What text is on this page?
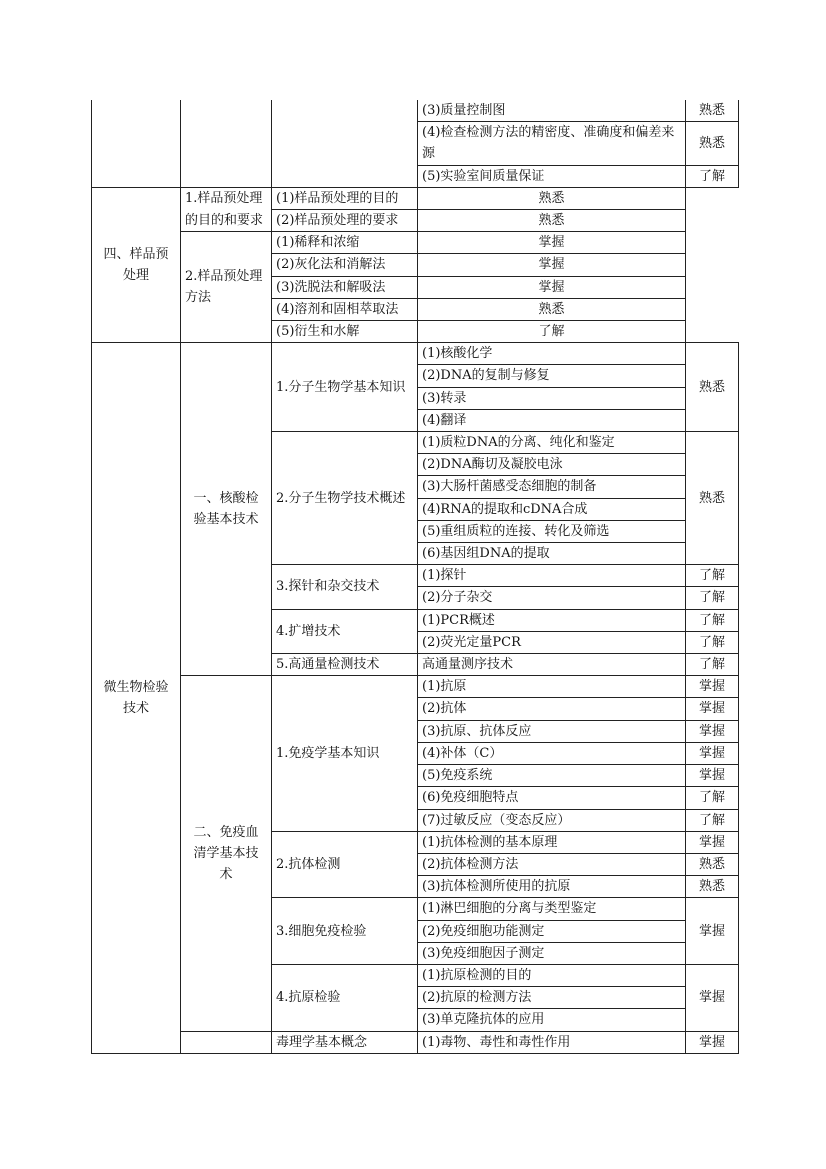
			(3)质量控制图	熟悉
			(4)检查检测方法的精密度、准确度和偏差来源	熟悉
			(5)实验室间质量保证	了解
四、样品预处理	1.样品预处理的目的和要求	(1)样品预处理的目的	熟悉	
		(2)样品预处理的要求	熟悉	
	2.样品预处理方法	(1)稀释和浓缩	掌握	
		(2)灰化法和消解法	掌握	
		(3)洗脱法和解吸法	掌握	
		(4)溶剂和固相萃取法	熟悉	
		(5)衍生和水解	了解	
微生物检验技术	一、核酸检验基本技术	1.分子生物学基本知识	(1)核酸化学	熟悉
			(2)DNA的复制与修复	
			(3)转录	
			(4)翻译	
		2.分子生物学技术概述	(1)质粒DNA的分离、纯化和鉴定	熟悉
			(2)DNA酶切及凝胶电泳	
			(3)大肠杆菌感受态细胞的制备	
			(4)RNA的提取和cDNA合成	
			(5)重组质粒的连接、转化及筛选	
			(6)基因组DNA的提取	
		3.探针和杂交技术	(1)探针	了解
			(2)分子杂交	了解
		4.扩增技术	(1)PCR概述	了解
			(2)荧光定量PCR	了解
		5.高通量检测技术	高通量测序技术	了解
	二、免疫血清学基本技术	1.免疫学基本知识	(1)抗原	掌握
			(2)抗体	掌握
			(3)抗原、抗体反应	掌握
			(4)补体（C）	掌握
			(5)免疫系统	掌握
			(6)免疫细胞特点	了解
			(7)过敏反应（变态反应）	了解
		2.抗体检测	(1)抗体检测的基本原理	掌握
			(2)抗体检测方法	熟悉
			(3)抗体检测所使用的抗原	熟悉
		3.细胞免疫检验	(1)淋巴细胞的分离与类型鉴定	掌握
			(2)免疫细胞功能测定	
			(3)免疫细胞因子测定	
		4.抗原检验	(1)抗原检测的目的	掌握
			(2)抗原的检测方法	
			(3)单克隆抗体的应用	
		毒理学基本概念	(1)毒物、毒性和毒性作用	掌握
